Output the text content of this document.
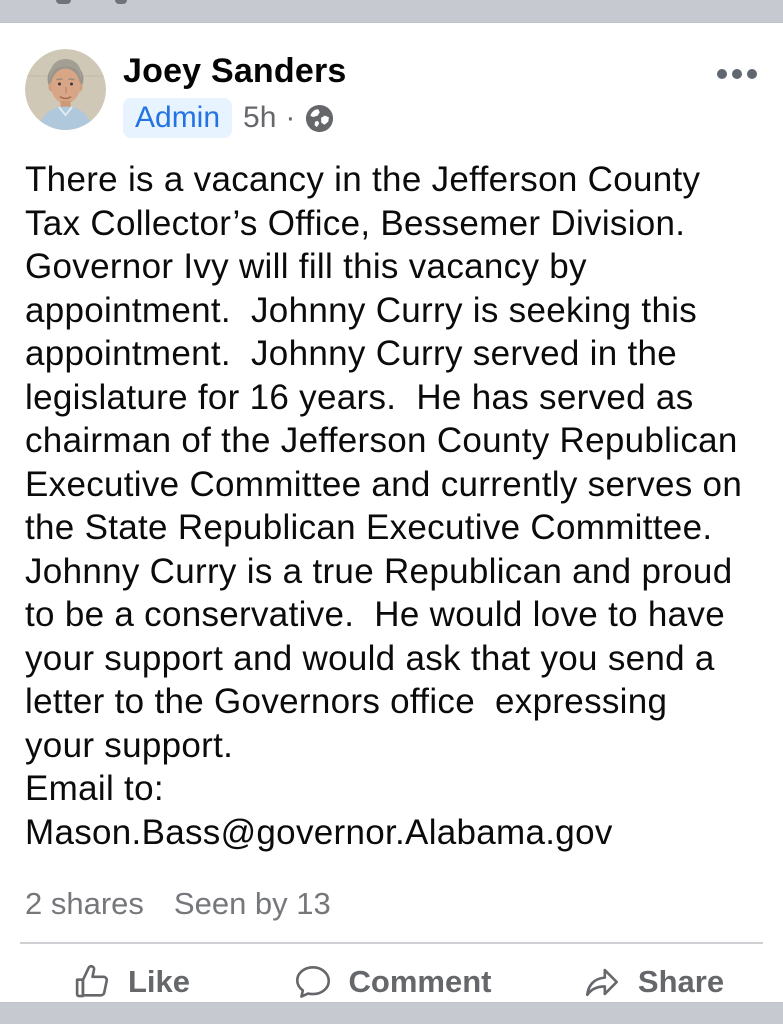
Joey Sanders
Admin 5h ·
There is a vacancy in the Jefferson County
Tax Collector’s Office, Bessemer Division.
Governor Ivy will fill this vacancy by
appointment.  Johnny Curry is seeking this
appointment.  Johnny Curry served in the
legislature for 16 years.  He has served as
chairman of the Jefferson County Republican
Executive Committee and currently serves on
the State Republican Executive Committee.
Johnny Curry is a true Republican and proud
to be a conservative.  He would love to have
your support and would ask that you send a
letter to the Governors office  expressing
your support.
Email to:
Mason.Bass@governor.Alabama.gov
2 shares Seen by 13
Like	Comment	Share
